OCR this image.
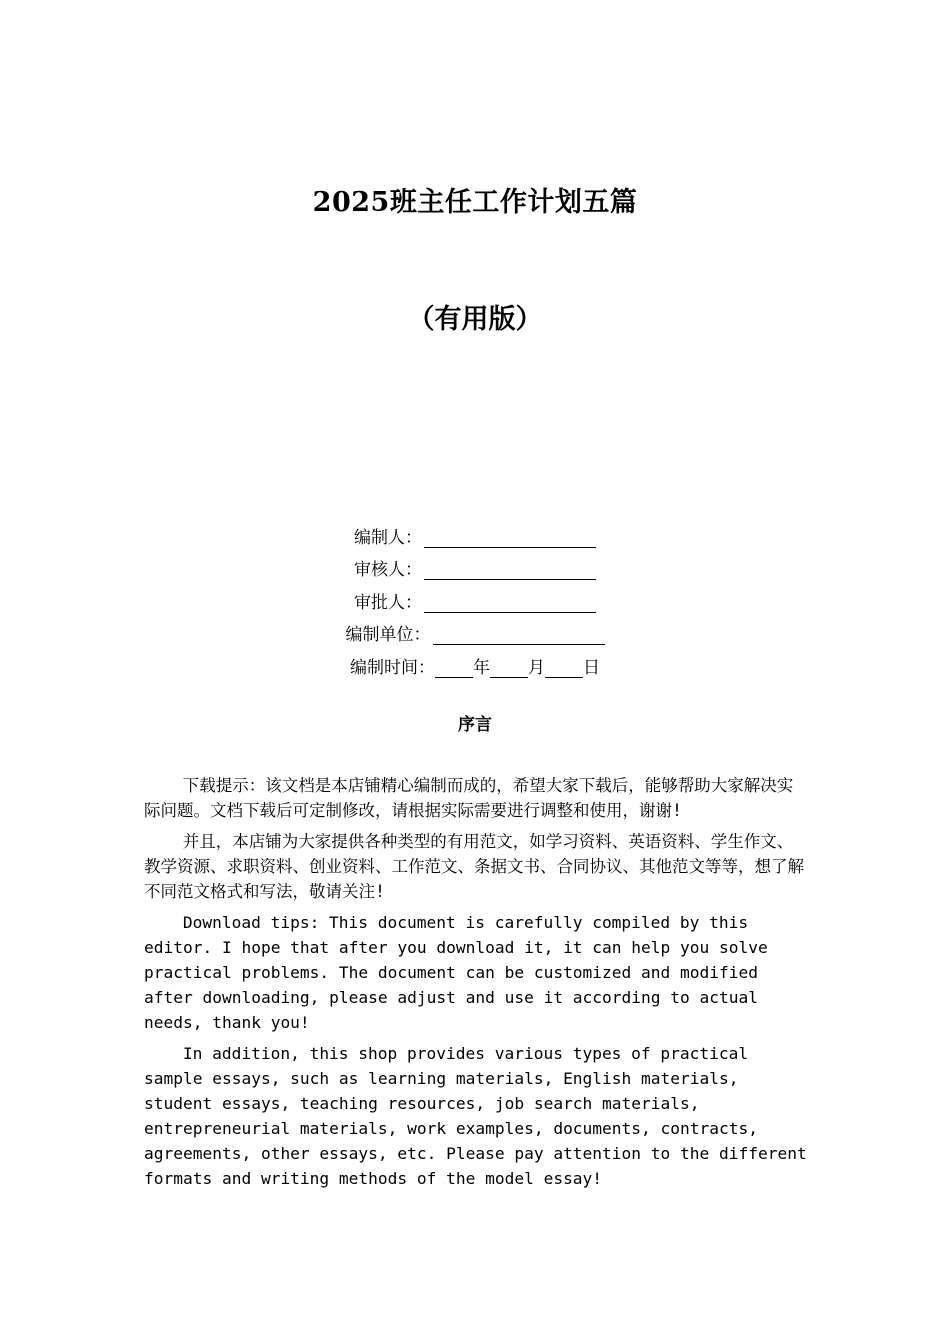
2025班主任工作计划五篇
（有用版）
编制人：
审核人：
审批人：
编制单位：
编制时间： 年 月 日
序言

下载提示：该文档是本店铺精心编制而成的，希望大家下载后，能够帮助大家解决实际问题。文档下载后可定制修改，请根据实际需要进行调整和使用，谢谢!

并且，本店铺为大家提供各种类型的有用范文，如学习资料、英语资料、学生作文、教学资源、求职资料、创业资料、工作范文、条据文书、合同协议、其他范文等等，想了解不同范文格式和写法，敬请关注!

Download tips: This document is carefully compiled by this editor. I hope that after you download it, it can help you solve practical problems. The document can be customized and modified after downloading, please adjust and use it according to actual needs, thank you!

In addition, this shop provides various types of practical sample essays, such as learning materials, English materials, student essays, teaching resources, job search materials, entrepreneurial materials, work examples, documents, contracts, agreements, other essays, etc. Please pay attention to the different formats and writing methods of the model essay!
